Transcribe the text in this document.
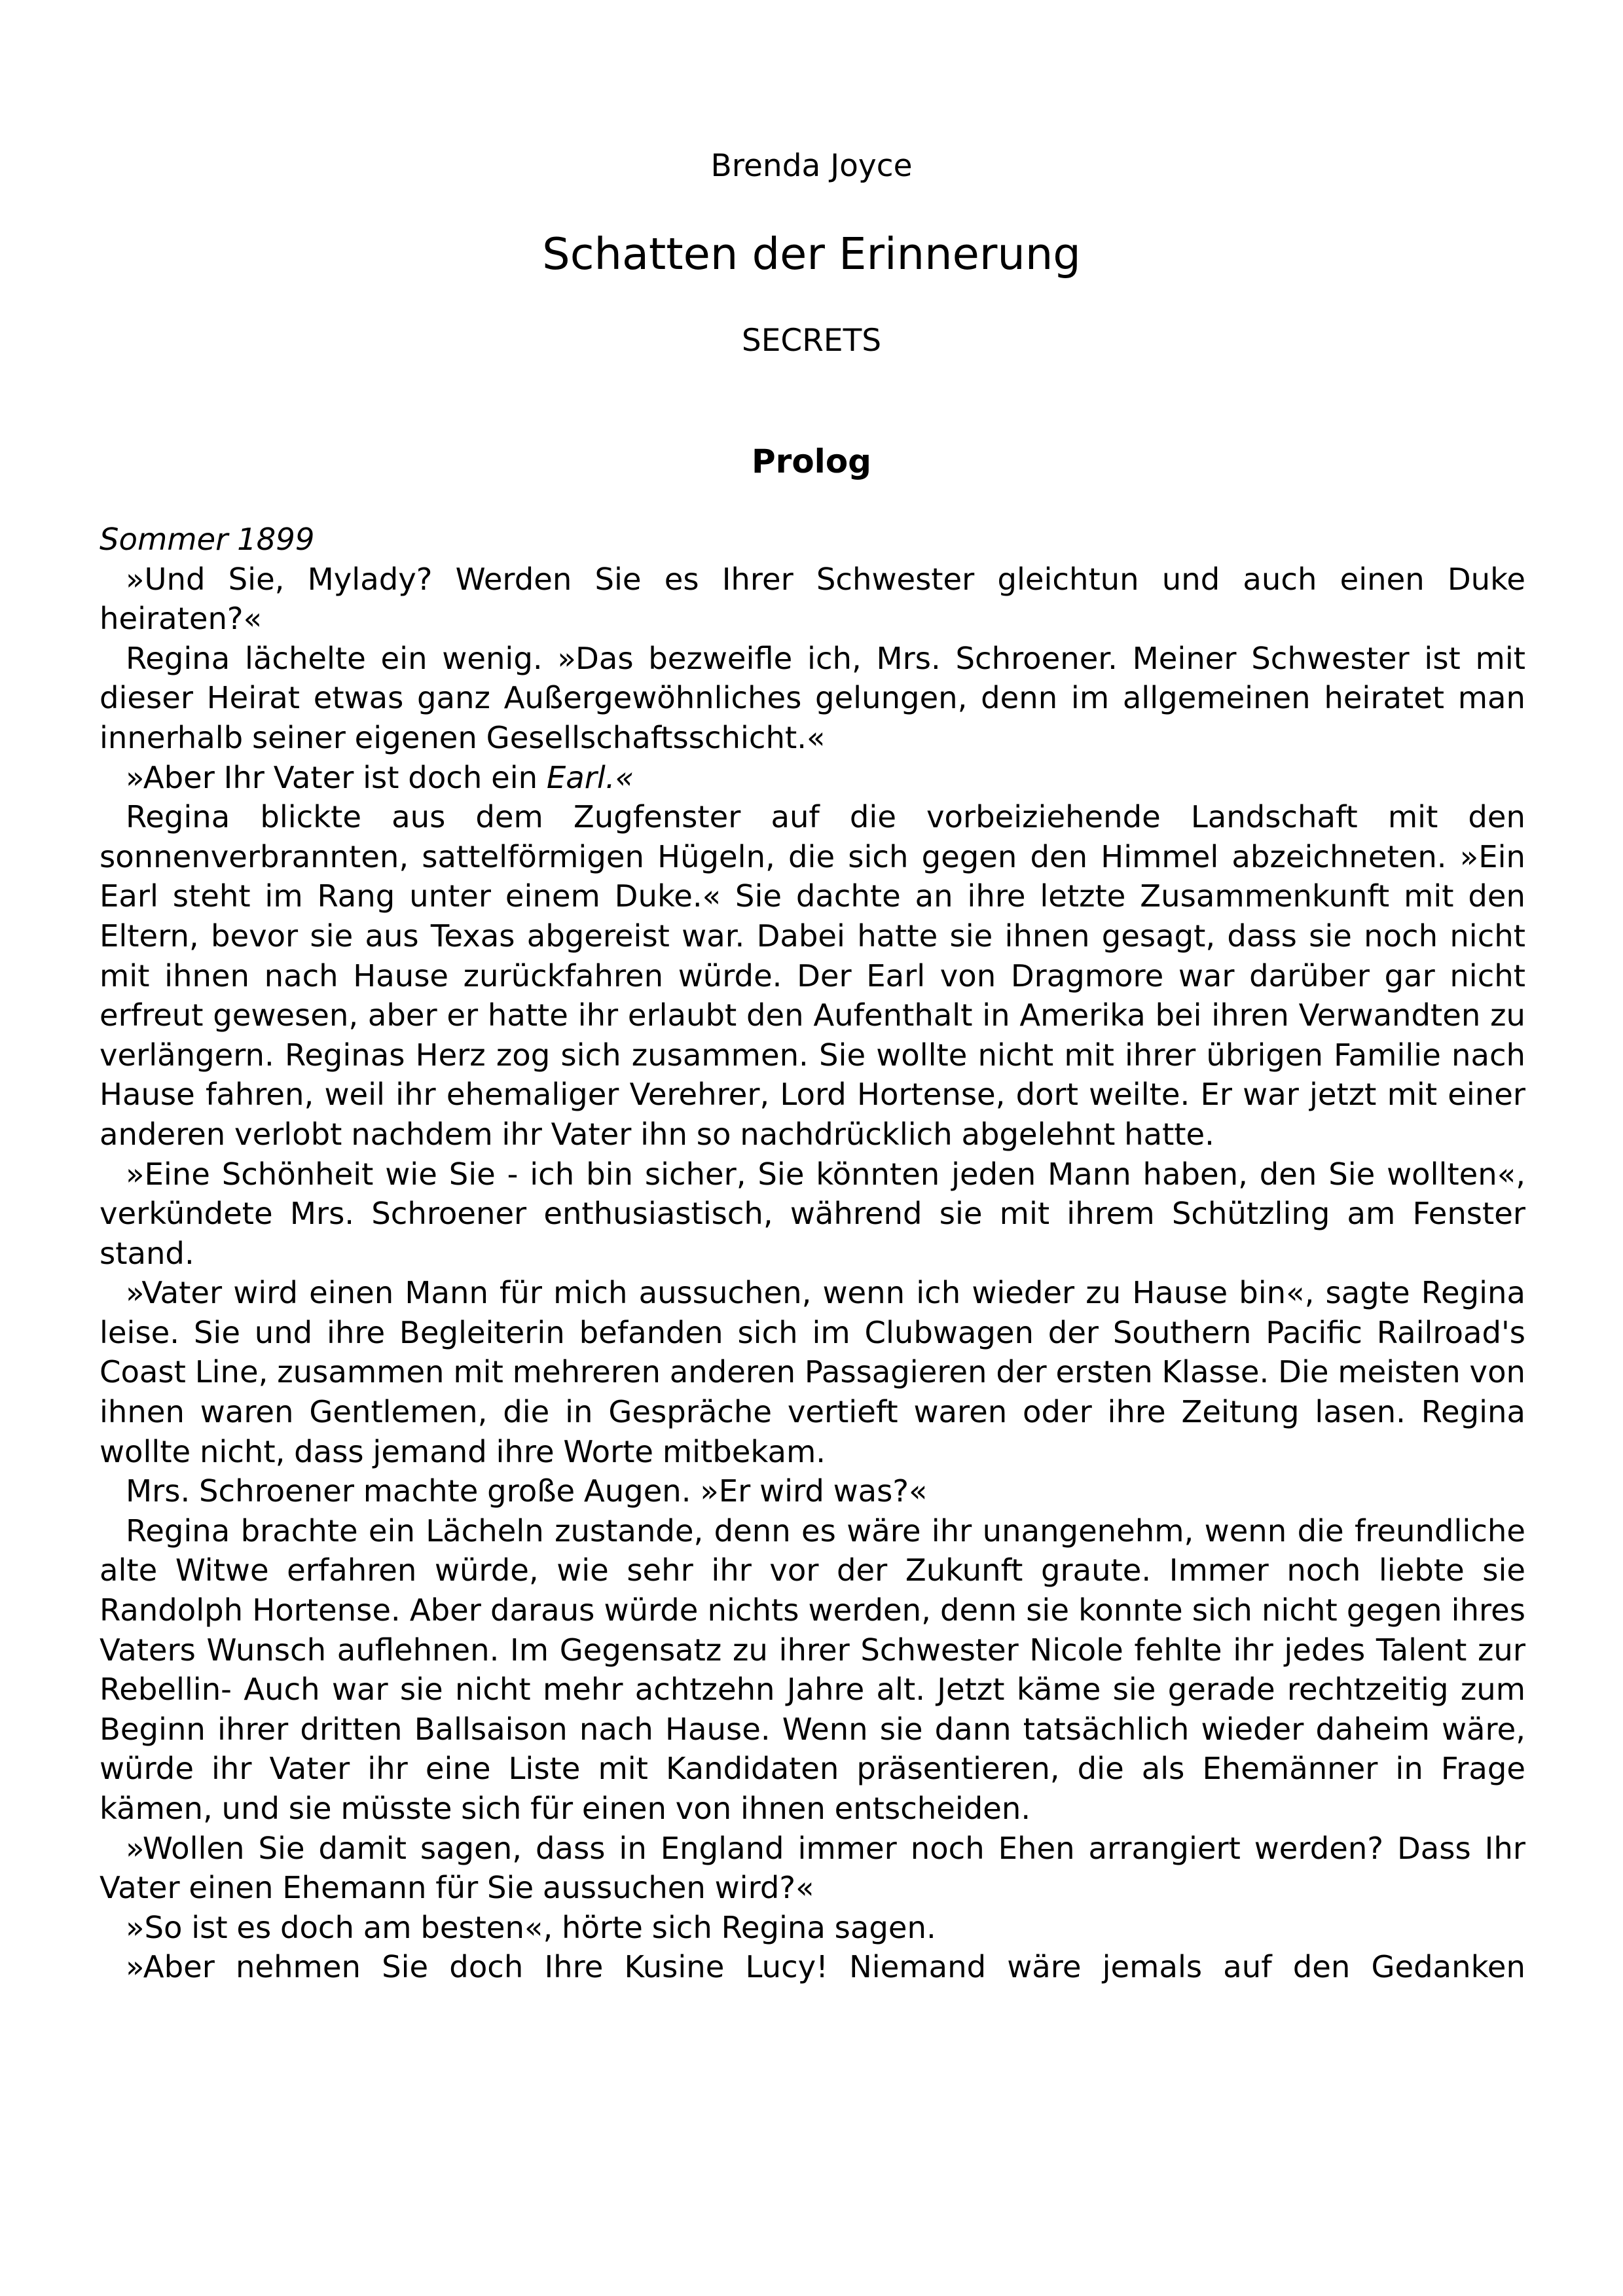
Brenda Joyce
Schatten der Erinnerung
SECRETS
Prolog

Sommer 1899

»Und Sie, Mylady? Werden Sie es Ihrer Schwester gleichtun und auch einen Duke heiraten?«

Regina lächelte ein wenig. »Das bezweifle ich, Mrs. Schroener. Meiner Schwester ist mit dieser Heirat etwas ganz Außergewöhnliches gelungen, denn im allgemeinen heiratet man innerhalb seiner eigenen Gesellschaftsschicht.«

»Aber Ihr Vater ist doch ein Earl.«

Regina blickte aus dem Zugfenster auf die vorbeiziehende Landschaft mit den sonnenverbrannten, sattelförmigen Hügeln, die sich gegen den Himmel abzeichneten. »Ein Earl steht im Rang unter einem Duke.« Sie dachte an ihre letzte Zusammenkunft mit den Eltern, bevor sie aus Texas abgereist war. Dabei hatte sie ihnen gesagt, dass sie noch nicht mit ihnen nach Hause zurückfahren würde. Der Earl von Dragmore war darüber gar nicht erfreut gewesen, aber er hatte ihr erlaubt den Aufenthalt in Amerika bei ihren Verwandten zu verlängern. Reginas Herz zog sich zusammen. Sie wollte nicht mit ihrer übrigen Familie nach Hause fahren, weil ihr ehemaliger Verehrer, Lord Hortense, dort weilte. Er war jetzt mit einer anderen verlobt nachdem ihr Vater ihn so nachdrücklich abgelehnt hatte.

»Eine Schönheit wie Sie - ich bin sicher, Sie könnten jeden Mann haben, den Sie wollten«, verkündete Mrs. Schroener enthusiastisch, während sie mit ihrem Schützling am Fenster stand.

»Vater wird einen Mann für mich aussuchen, wenn ich wieder zu Hause bin«, sagte Regina leise. Sie und ihre Begleiterin befanden sich im Clubwagen der Southern Pacific Railroad's Coast Line, zusammen mit mehreren anderen Passagieren der ersten Klasse. Die meisten von ihnen waren Gentlemen, die in Gespräche vertieft waren oder ihre Zeitung lasen. Regina wollte nicht, dass jemand ihre Worte mitbekam.

Mrs. Schroener machte große Augen. »Er wird was?«

Regina brachte ein Lächeln zustande, denn es wäre ihr unangenehm, wenn die freundliche alte Witwe erfahren würde, wie sehr ihr vor der Zukunft graute. Immer noch liebte sie Randolph Hortense. Aber daraus würde nichts werden, denn sie konnte sich nicht gegen ihres Vaters Wunsch auflehnen. Im Gegensatz zu ihrer Schwester Nicole fehlte ihr jedes Talent zur Rebellin- Auch war sie nicht mehr achtzehn Jahre alt. Jetzt käme sie gerade rechtzeitig zum Beginn ihrer dritten Ballsaison nach Hause. Wenn sie dann tatsächlich wieder daheim wäre, würde ihr Vater ihr eine Liste mit Kandidaten präsentieren, die als Ehemänner in Frage kämen, und sie müsste sich für einen von ihnen entscheiden.

»Wollen Sie damit sagen, dass in England immer noch Ehen arrangiert werden? Dass Ihr Vater einen Ehemann für Sie aussuchen wird?«

»So ist es doch am besten«, hörte sich Regina sagen.

»Aber nehmen Sie doch Ihre Kusine Lucy! Niemand wäre jemals auf den Gedanken
